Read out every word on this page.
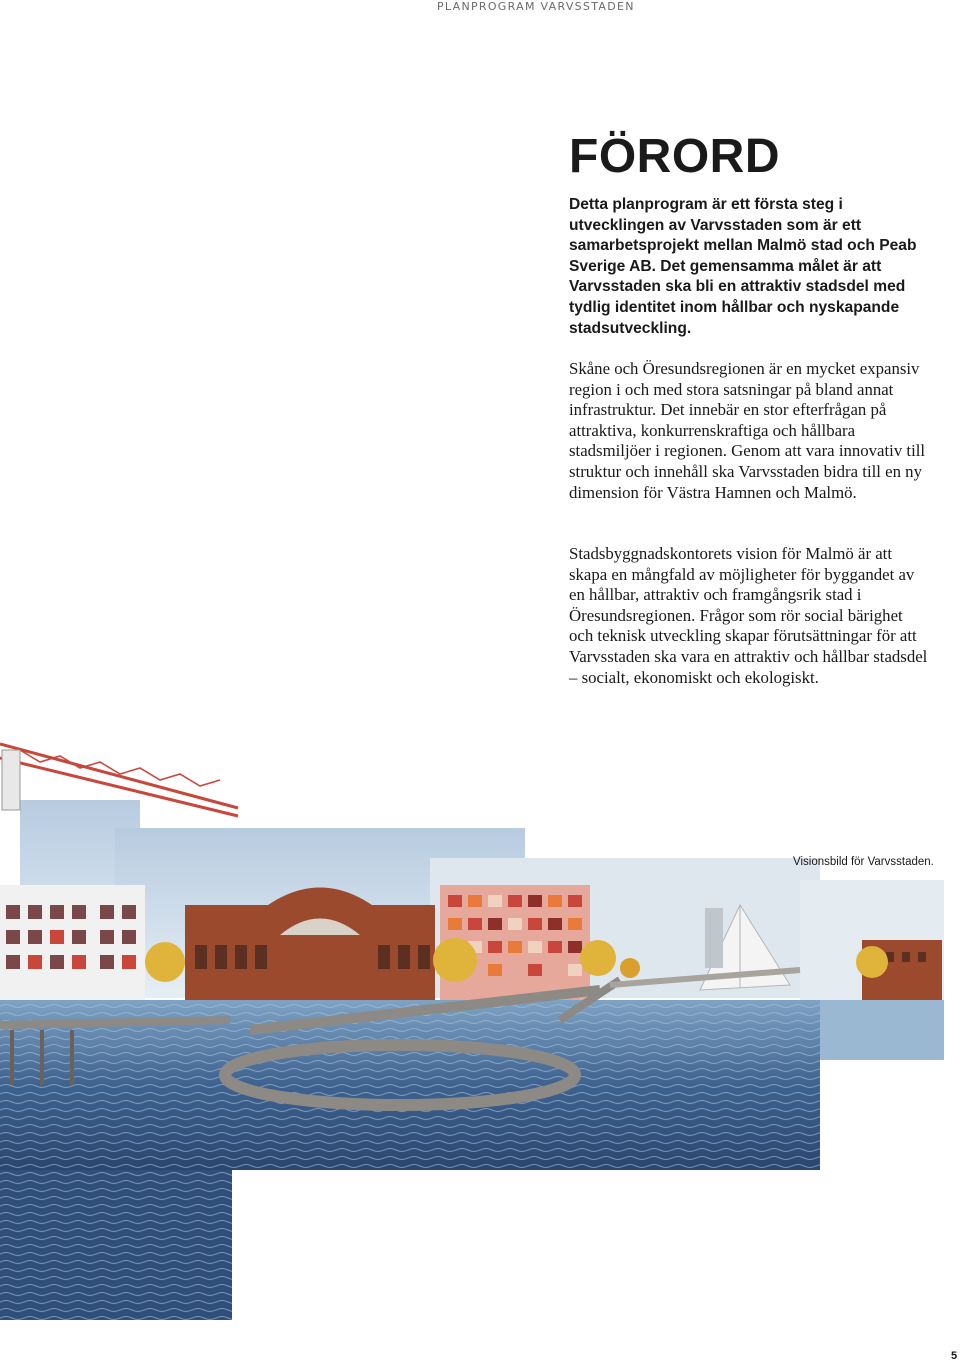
PLANPROGRAM VARVSSTADEN
FÖRORD

Detta planprogram är ett första steg i utvecklingen av Varvsstaden som är ett samarbetsprojekt mellan Malmö stad och Peab Sverige AB. Det gemensamma målet är att Varvsstaden ska bli en attraktiv stadsdel med tydlig identitet inom hållbar och nyskapande stadsutveckling.

Skåne och Öresundsregionen är en mycket expansiv region i och med stora satsningar på bland annat infrastruktur. Det innebär en stor efterfrågan på attraktiva, konkurrenskraftiga och hållbara stadsmiljöer i regionen. Genom att vara innovativ till struktur och innehåll ska Varvsstaden bidra till en ny dimension för Västra Hamnen och Malmö.

Stadsbyggnadskontorets vision för Malmö är att skapa en mångfald av möjligheter för byggandet av en hållbar, attraktiv och framgångsrik stad i Öresundsregionen. Frågor som rör social bärighet och teknisk utveckling skapar förutsättningar för att Varvsstaden ska vara en attraktiv och hållbar stadsdel – socialt, ekonomiskt och ekologiskt.

Visionsbild för Varvsstaden.
5
